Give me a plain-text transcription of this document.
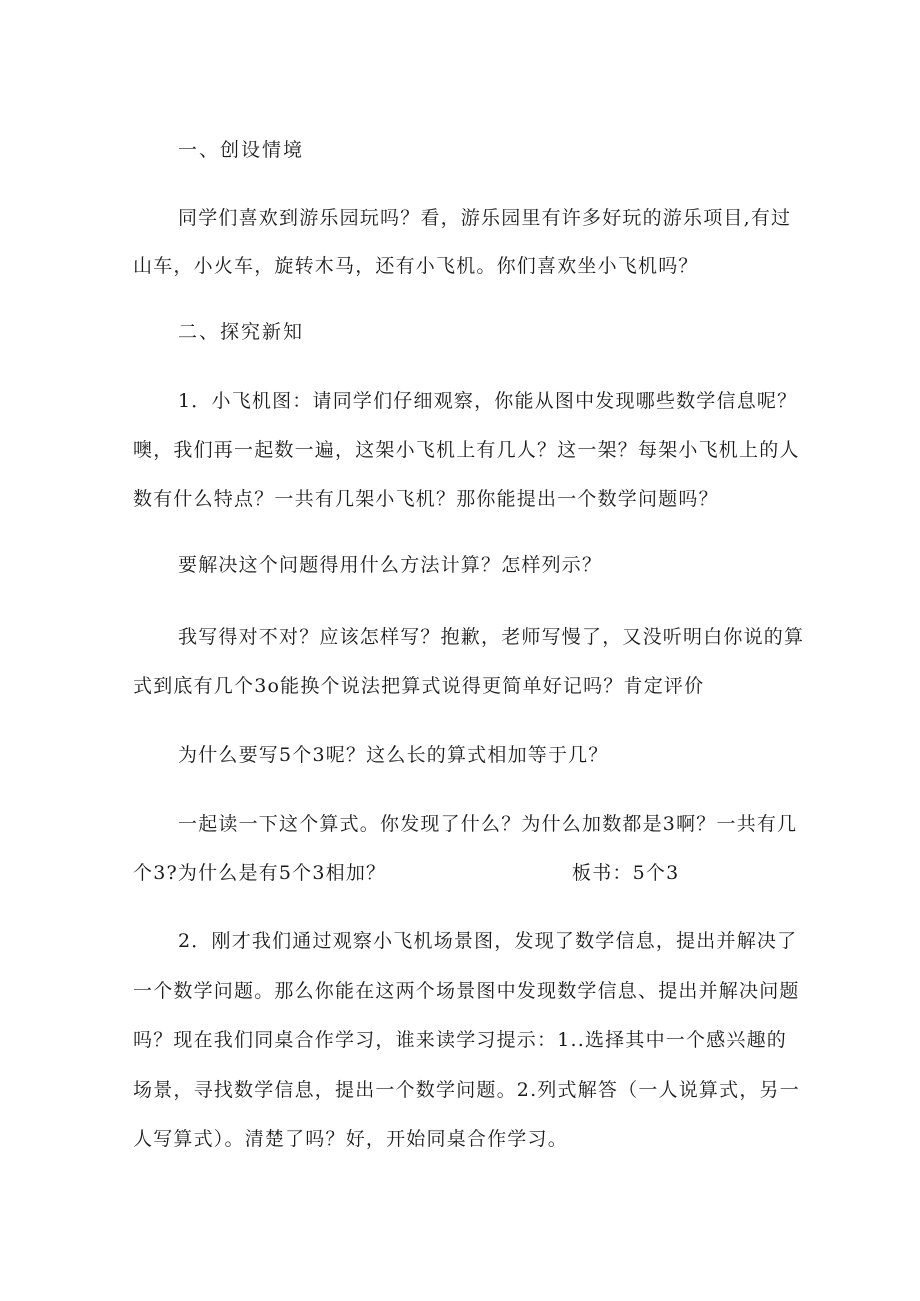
一、创设情境
同学们喜欢到游乐园玩吗？看，游乐园里有许多好玩的游乐项目,有过
山车，小火车，旋转木马，还有小飞机。你们喜欢坐小飞机吗？
二、探究新知
1．小飞机图：请同学们仔细观察，你能从图中发现哪些数学信息呢？
噢，我们再一起数一遍，这架小飞机上有几人？这一架？每架小飞机上的人
数有什么特点？一共有几架小飞机？那你能提出一个数学问题吗？
要解决这个问题得用什么方法计算？怎样列示？
我写得对不对？应该怎样写？抱歉，老师写慢了，又没听明白你说的算
式到底有几个3o能换个说法把算式说得更简单好记吗？肯定评价
为什么要写5个3呢？这么长的算式相加等于几？
一起读一下这个算式。你发现了什么？为什么加数都是3啊？一共有几
个3?为什么是有5个3相加？	板书：5个3
2．刚才我们通过观察小飞机场景图，发现了数学信息，提出并解决了
一个数学问题。那么你能在这两个场景图中发现数学信息、提出并解决问题
吗？现在我们同桌合作学习，谁来读学习提示：1..选择其中一个感兴趣的
场景，寻找数学信息，提出一个数学问题。2.列式解答（一人说算式，另一
人写算式）。清楚了吗？好，开始同桌合作学习。
